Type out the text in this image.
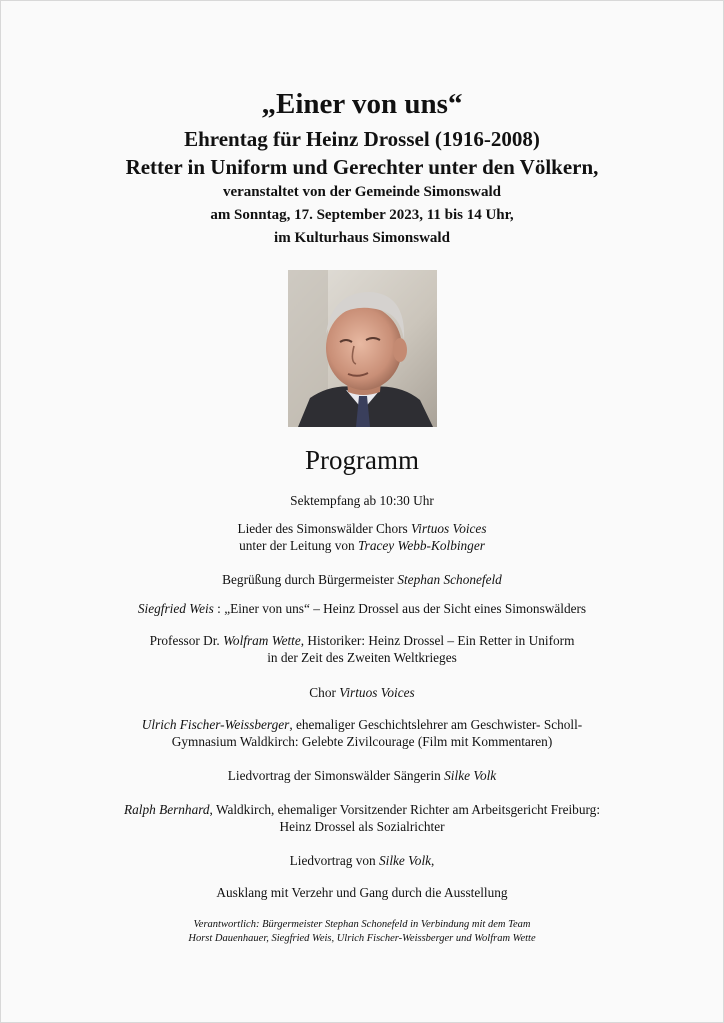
„Einer von uns“
Ehrentag für Heinz Drossel (1916-2008)
Retter in Uniform und Gerechter unter den Völkern,
veranstaltet von der Gemeinde Simonswald
am Sonntag, 17. September 2023, 11 bis 14 Uhr,
im Kulturhaus Simonswald
Programm
Sektempfang ab 10:30 Uhr
Lieder des Simonswälder Chors Virtuos Voices
unter der Leitung von Tracey Webb-Kolbinger
Begrüßung durch Bürgermeister Stephan Schonefeld
Siegfried Weis : „Einer von uns“ – Heinz Drossel aus der Sicht eines Simonswälders
Professor Dr. Wolfram Wette, Historiker: Heinz Drossel – Ein Retter in Uniform
in der Zeit des Zweiten Weltkrieges
Chor Virtuos Voices
Ulrich Fischer-Weissberger, ehemaliger Geschichtslehrer am Geschwister- Scholl-
Gymnasium Waldkirch: Gelebte Zivilcourage (Film mit Kommentaren)
Liedvortrag der Simonswälder Sängerin Silke Volk
Ralph Bernhard, Waldkirch, ehemaliger Vorsitzender Richter am Arbeitsgericht Freiburg:
Heinz Drossel als Sozialrichter
Liedvortrag von Silke Volk,
Ausklang mit Verzehr und Gang durch die Ausstellung
Verantwortlich: Bürgermeister Stephan Schonefeld in Verbindung mit dem Team
Horst Dauenhauer, Siegfried Weis, Ulrich Fischer-Weissberger und Wolfram Wette
